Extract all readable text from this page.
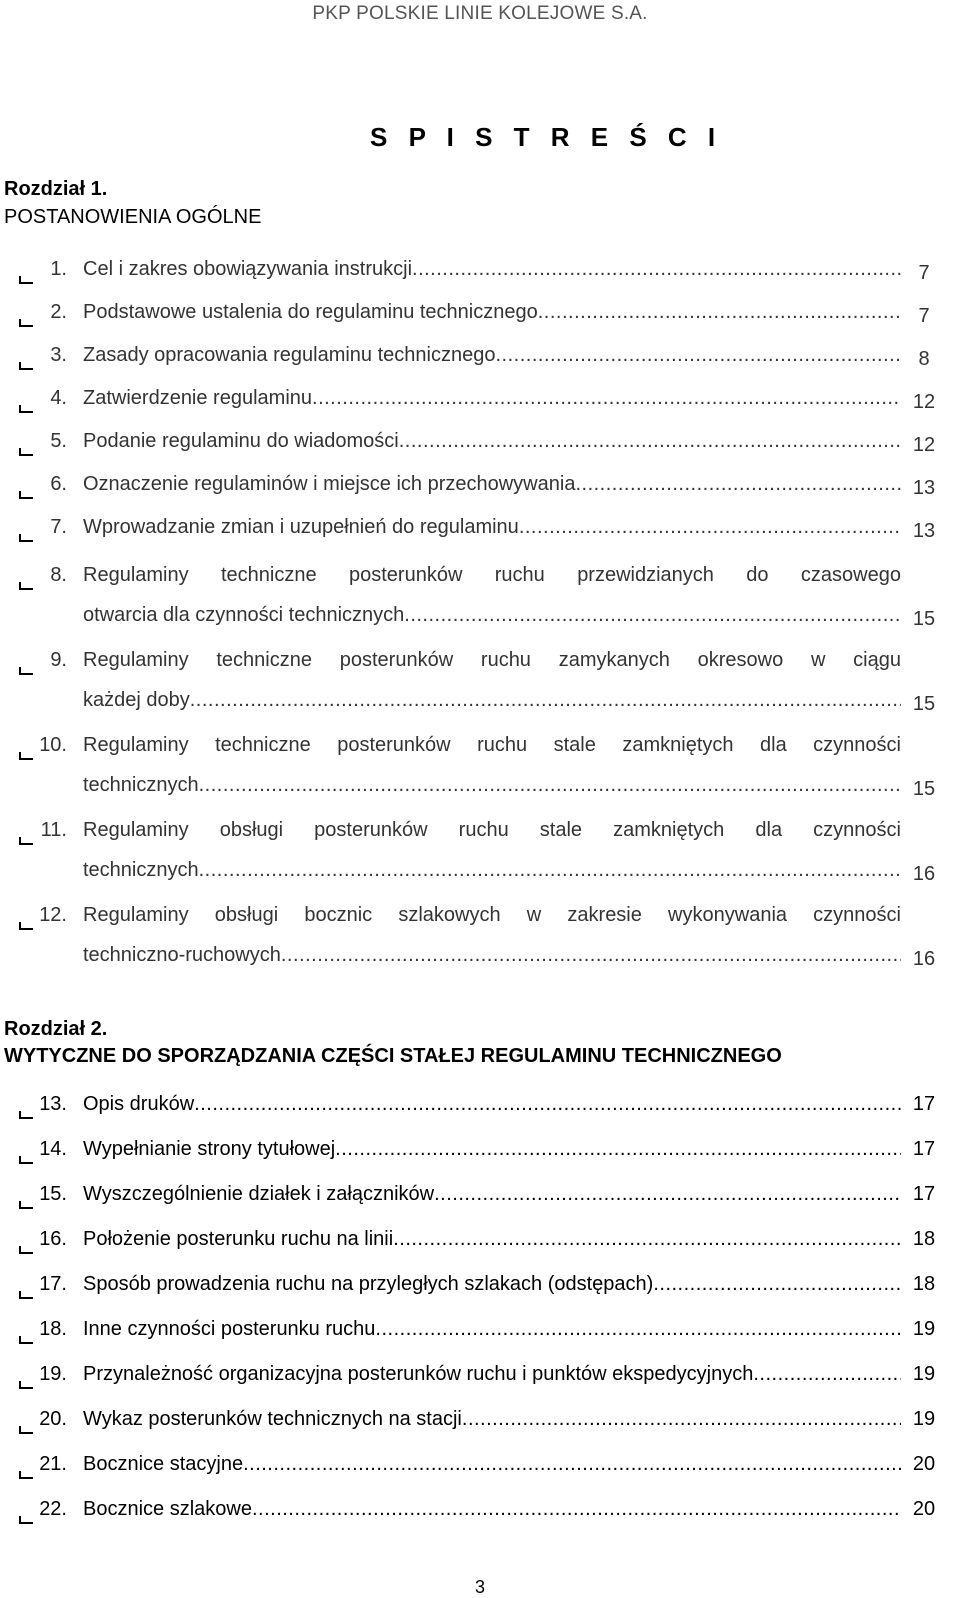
PKP POLSKIE LINIE KOLEJOWE S.A.
S P I S T R E Ś C I
Rozdział 1.
POSTANOWIENIA OGÓLNE
1. Cel i zakres obowiązywania instrukcji .....	7
2. Podstawowe ustalenia do regulaminu technicznego .....	7
3. Zasady opracowania regulaminu technicznego .....	8
4. Zatwierdzenie regulaminu .....	12
5. Podanie regulaminu do wiadomości .....	12
6. Oznaczenie regulaminów i miejsce ich przechowywania .....	13
7. Wprowadzanie zmian i uzupełnień do regulaminu .....	13
8. Regulaminy techniczne posterunków ruchu przewidzianych do czasowego
otwarcia dla czynności technicznych .....	15
9. Regulaminy techniczne posterunków ruchu zamykanych okresowo w ciągu
każdej doby .....	15
10. Regulaminy techniczne posterunków ruchu stale zamkniętych dla czynności
technicznych .....	15
11. Regulaminy obsługi posterunków ruchu stale zamkniętych dla czynności
technicznych .....	16
12. Regulaminy obsługi bocznic szlakowych w zakresie wykonywania czynności
techniczno-ruchowych .....	16
Rozdział 2.
WYTYCZNE DO SPORZĄDZANIA CZĘŚCI STAŁEJ REGULAMINU TECHNICZNEGO
13. Opis druków .....	17
14. Wypełnianie strony tytułowej .....	17
15. Wyszczególnienie działek i załączników .....	17
16. Położenie posterunku ruchu na linii .....	18
17. Sposób prowadzenia ruchu na przyległych szlakach (odstępach) .....	18
18. Inne czynności posterunku ruchu .....	19
19. Przynależność organizacyjna posterunków ruchu i punktów ekspedycyjnych .....	19
20. Wykaz posterunków technicznych na stacji .....	19
21. Bocznice stacyjne .....	20
22. Bocznice szlakowe .....	20
3
